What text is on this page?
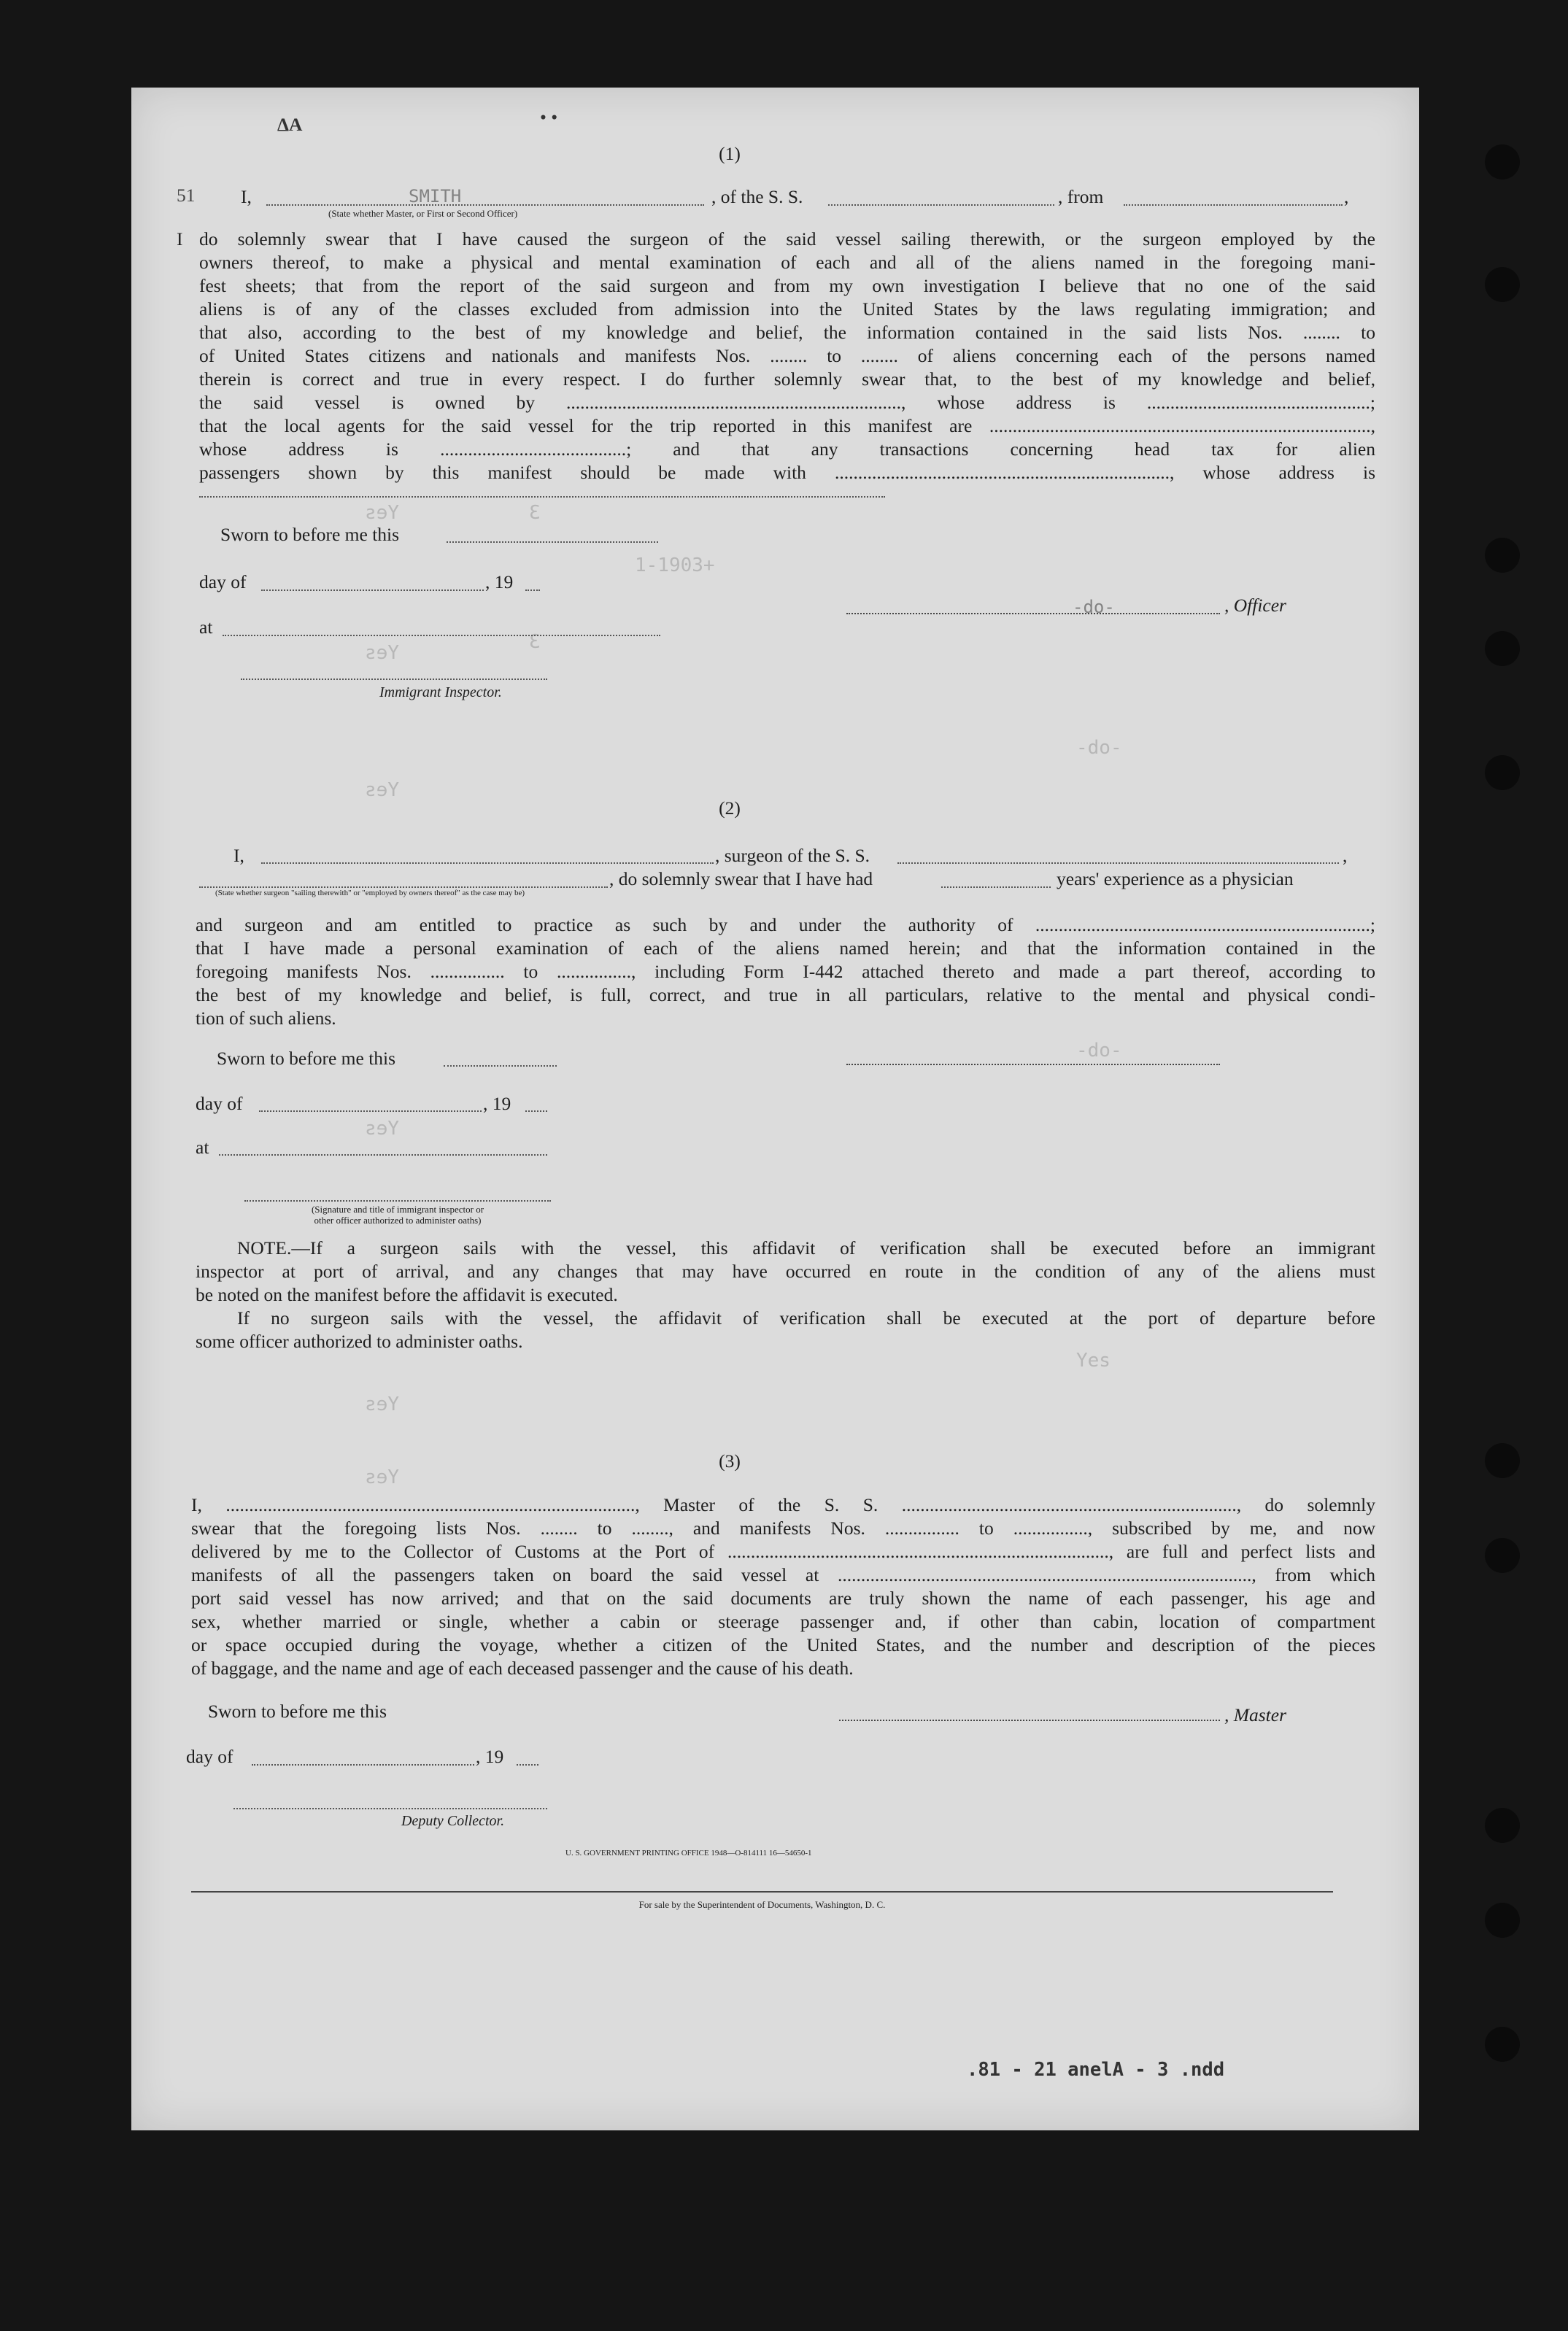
ΔA	• •
Yes	3
Yes	3
Yes
-do-
-do-
1-1903+
Yes
Yes
Yes
Yes
(1)
51 I,	SMITH	, of the S. S.	, from	,
(State whether Master, or First or Second Officer)
I do solemnly swear that I have caused the surgeon of the said vessel sailing therewith, or the surgeon employed by the
owners thereof, to make a physical and mental examination of each and all of the aliens named in the foregoing mani-
fest sheets; that from the report of the said surgeon and from my own investigation I believe that no one of the said
aliens is of any of the classes excluded from admission into the United States by the laws regulating immigration; and
that also, according to the best of my knowledge and belief, the information contained in the said lists Nos. ........ to
of United States citizens and nationals and manifests Nos. ........ to ........ of aliens concerning each of the persons named
therein is correct and true in every respect. I do further solemnly swear that, to the best of my knowledge and belief,
the said vessel is owned by ........................................................................, whose address is ................................................;
that the local agents for the said vessel for the trip reported in this manifest are ..................................................................................,
whose address is ........................................; and that any transactions concerning head tax for alien
passengers shown by this manifest should be made with ........................................................................, whose address is
Sworn to before me this
day of	, 19
at
-do-	, Officer
Immigrant Inspector.
(2)
I,	, surgeon of the S. S.	,
, do solemnly swear that I have had	years' experience as a physician
(State whether surgeon "sailing therewith" or "employed by owners thereof" as the case may be)
and surgeon and am entitled to practice as such by and under the authority of ........................................................................;
that I have made a personal examination of each of the aliens named herein; and that the information contained in the
foregoing manifests Nos. ................ to ................, including Form I-442 attached thereto and made a part thereof, according to
the best of my knowledge and belief, is full, correct, and true in all particulars, relative to the mental and physical condi-
tion of such aliens.
Sworn to before me this
day of	, 19
at
(Signature and title of immigrant inspector or
other officer authorized to administer oaths)
NOTE.—If a surgeon sails with the vessel, this affidavit of verification shall be executed before an immigrant
inspector at port of arrival, and any changes that may have occurred en route in the condition of any of the aliens must
be noted on the manifest before the affidavit is executed.
If no surgeon sails with the vessel, the affidavit of verification shall be executed at the port of departure before
some officer authorized to administer oaths.
(3)
I, ........................................................................................, Master of the S. S. ........................................................................, do solemnly
swear that the foregoing lists Nos. ........ to ........, and manifests Nos. ................ to ................, subscribed by me, and now
delivered by me to the Collector of Customs at the Port of .................................................................................., are full and perfect lists and
manifests of all the passengers taken on board the said vessel at ........................................................................................., from which
port said vessel has now arrived; and that on the said documents are truly shown the name of each passenger, his age and
sex, whether married or single, whether a cabin or steerage passenger and, if other than cabin, location of compartment
or space occupied during the voyage, whether a citizen of the United States, and the number and description of the pieces
of baggage, and the name and age of each deceased passenger and the cause of his death.
Sworn to before me this	, Master
day of	, 19
Deputy Collector.
U. S. GOVERNMENT PRINTING OFFICE 1948—O-814111 16—54650-1
For sale by the Superintendent of Documents, Washington, D. C.
.81 - 21 anelA - 3 .ndd
